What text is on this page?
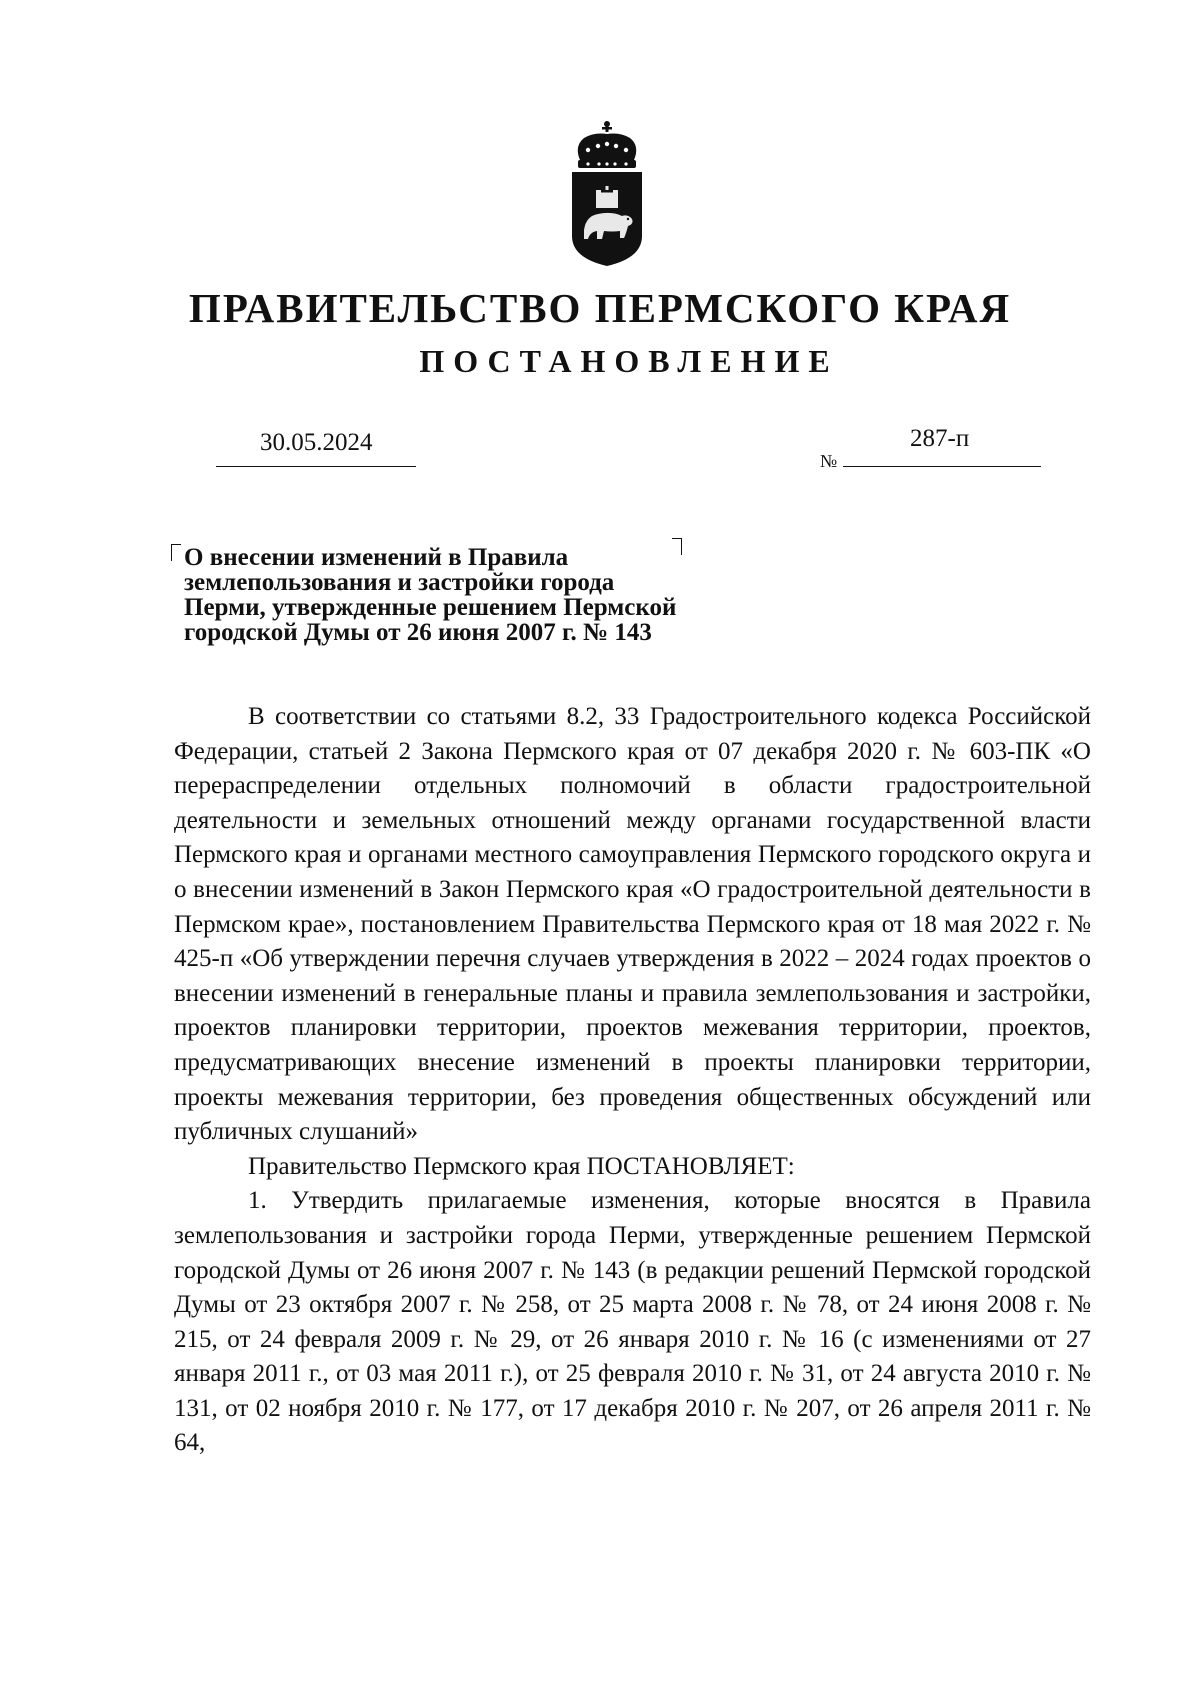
ПРАВИТЕЛЬСТВО ПЕРМСКОГО КРАЯ
ПОСТАНОВЛЕНИЕ
30.05.2024
№
287-п
О внесении изменений в Правила
землепользования и застройки города
Перми, утвержденные решением Пермской
городской Думы от 26 июня 2007 г. № 143

В соответствии со статьями 8.2, 33 Градостроительного кодекса Российской Федерации, статьей 2 Закона Пермского края от 07 декабря 2020 г. № 603-ПК «О перераспределении отдельных полномочий в области градостроительной деятельности и земельных отношений между органами государственной власти Пермского края и органами местного самоуправления Пермского городского округа и о внесении изменений в Закон Пермского края «О градостроительной деятельности в Пермском крае», постановлением Правительства Пермского края от 18 мая 2022 г. № 425-п «Об утверждении перечня случаев утверждения в 2022 – 2024 годах проектов о внесении изменений в генеральные планы и правила землепользования и застройки, проектов планировки территории, проектов межевания территории, проектов, предусматривающих внесение изменений в проекты планировки территории, проекты межевания территории, без проведения общественных обсуждений или публичных слушаний»

Правительство Пермского края ПОСТАНОВЛЯЕТ:

1. Утвердить прилагаемые изменения, которые вносятся в Правила землепользования и застройки города Перми, утвержденные решением Пермской городской Думы от 26 июня 2007 г. № 143 (в редакции решений Пермской городской Думы от 23 октября 2007 г. № 258, от 25 марта 2008 г. № 78, от 24 июня 2008 г. № 215, от 24 февраля 2009 г. № 29, от 26 января 2010 г. № 16 (с изменениями от 27 января 2011 г., от 03 мая 2011 г.), от 25 февраля 2010 г. № 31, от 24 августа 2010 г. № 131, от 02 ноября 2010 г. № 177, от 17 декабря 2010 г. № 207, от 26 апреля 2011 г. № 64,
